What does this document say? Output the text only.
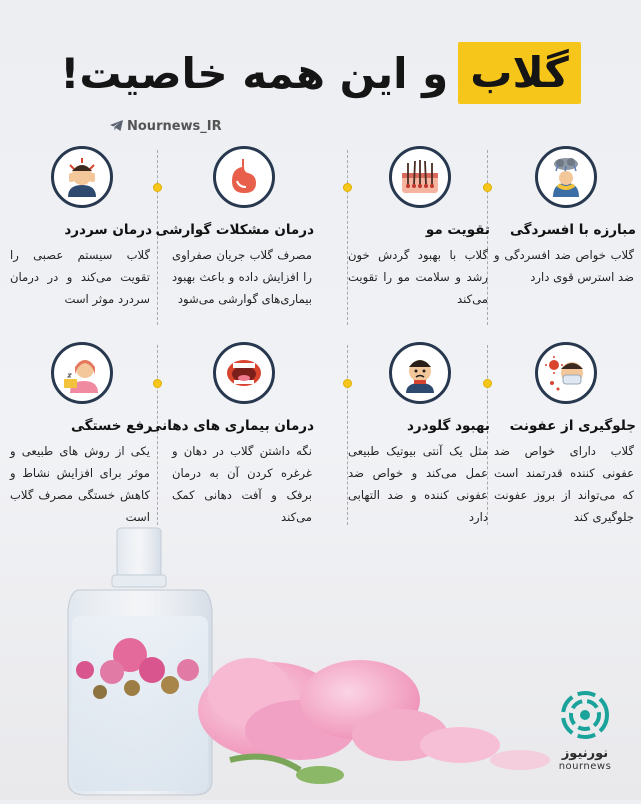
گلاب
و این همه خاصیت!
Nournews_IR
مبارزه با افسردگی
گلاب خواص ضد افسردگی و ضد استرس قوی دارد
تقویت مو
گلاب با بهبود گردش خون رشد و سلامت مو را تقویت می‌کند
درمان مشکلات گوارشی
مصرف گلاب جریان صفراوی را افزایش داده و باعث بهبود بیماری‌های گوارشی می‌شود
درمان سردرد
گلاب سیستم عصبی را تقویت می‌کند و در درمان سردرد موثر است
جلوگیری از عفونت
گلاب دارای خواص ضد عفونی کننده قدرتمند است که می‌تواند از بروز عفونت جلوگیری کند
بهبود گلودرد
مثل یک آنتی بیوتیک طبیعی عمل می‌کند و خواص ضد عفونی کننده و ضد التهابی دارد
درمان بیماری های دهانی
نگه داشتن گلاب در دهان و غرغره کردن آن به درمان برفک و آفت دهانی کمک می‌کند
رفع خستگی
یکی از روش های طبیعی و موثر برای افزایش نشاط و کاهش خستگی مصرف گلاب است
نورنیوز
nournews
